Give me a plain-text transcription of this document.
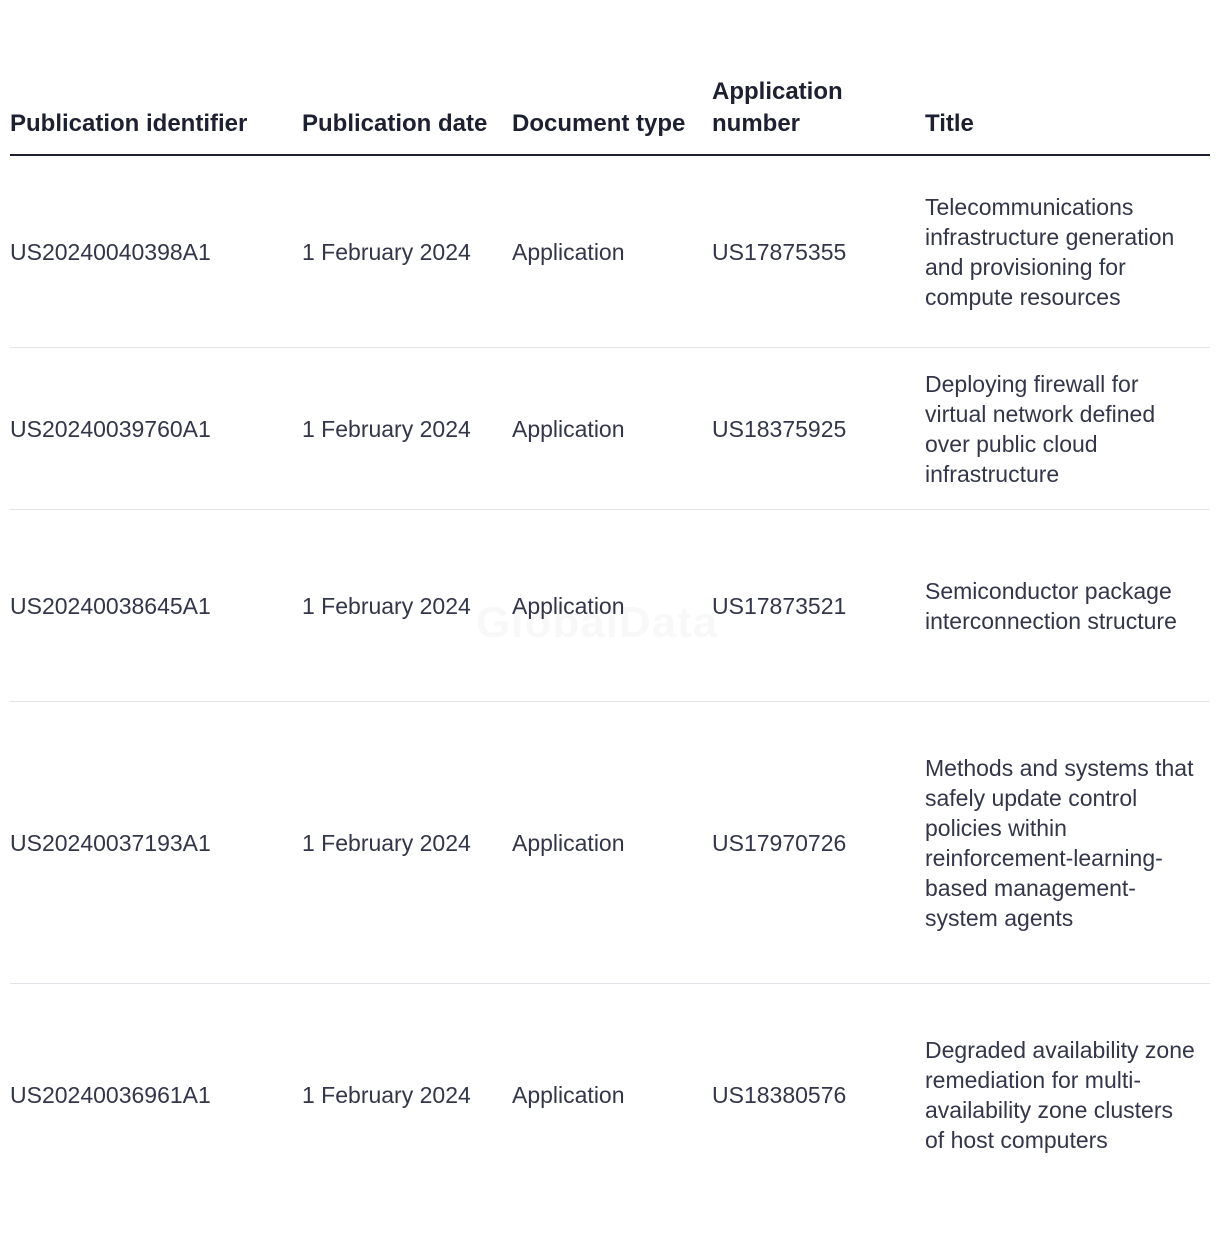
Publication identifier	Publication date	Document type	Application number	Title
US20240040398A1	1 February 2024	Application	US17875355	Telecommunications infrastructure generation and provisioning for compute resources
US20240039760A1	1 February 2024	Application	US18375925	Deploying firewall for virtual network defined over public cloud infrastructure
US20240038645A1	1 February 2024	Application	US17873521	Semiconductor package interconnection structure
US20240037193A1	1 February 2024	Application	US17970726	Methods and systems that safely update control policies within reinforcement-learning-based management-system agents
US20240036961A1	1 February 2024	Application	US18380576	Degraded availability zone remediation for multi-availability zone clusters of host computers
